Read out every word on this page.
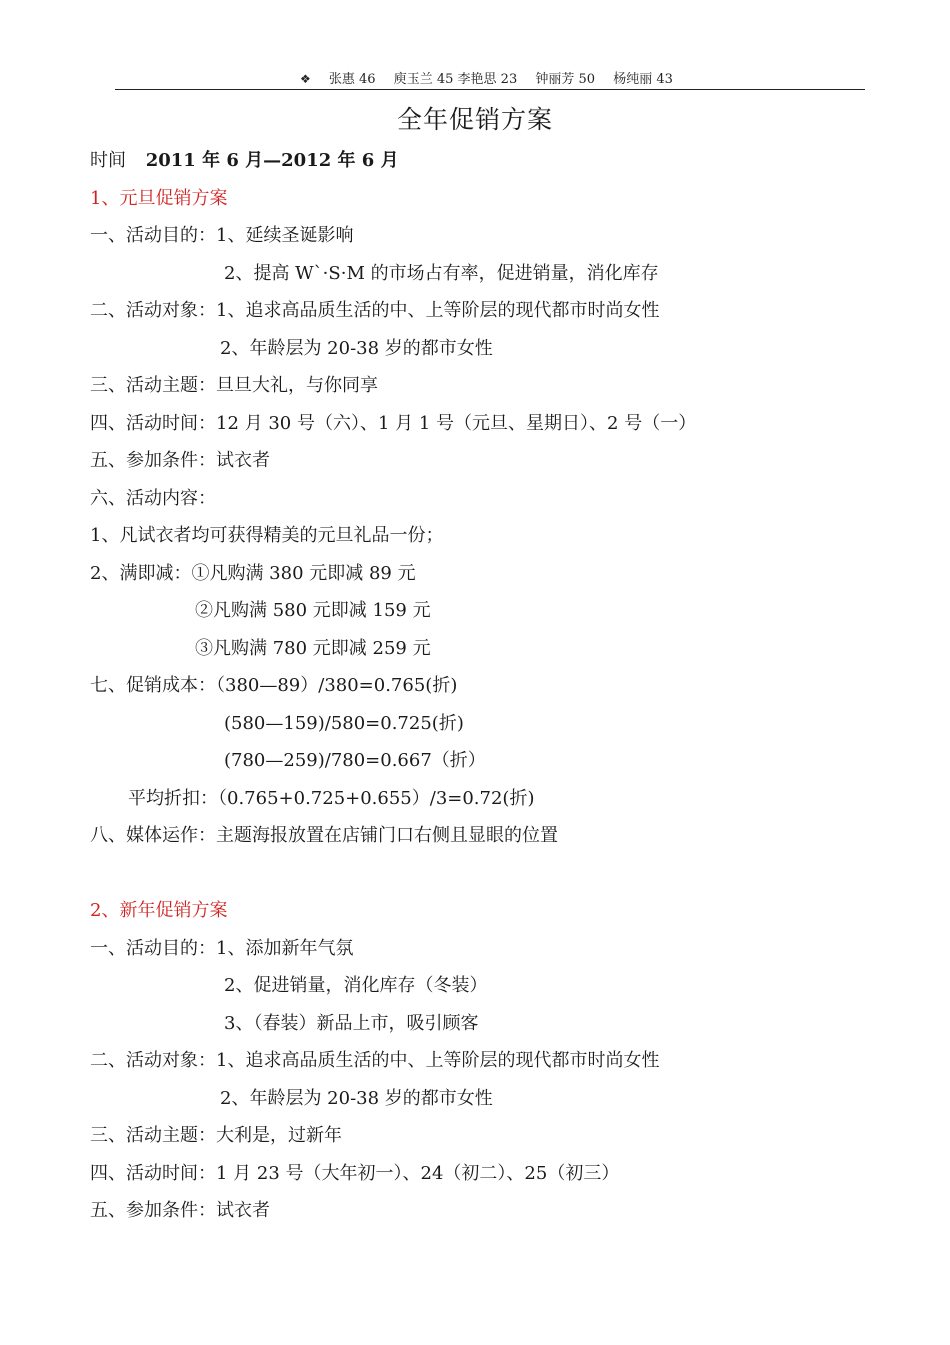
❖ 张惠 46 庾玉兰 45 李艳思 23 钟丽芳 50 杨纯丽 43
全年促销方案
时间 2011 年 6 月—2012 年 6 月
1、元旦促销方案
一、活动目的：1、延续圣诞影响
2、提高 W`·S·M 的市场占有率，促进销量，消化库存
二、活动对象：1、追求高品质生活的中、上等阶层的现代都市时尚女性
2、年龄层为 20-38 岁的都市女性
三、活动主题：旦旦大礼，与你同享
四、活动时间：12 月 30 号（六）、1 月 1 号（元旦、星期日）、2 号（一）
五、参加条件：试衣者
六、活动内容：
1、凡试衣者均可获得精美的元旦礼品一份；
2、满即减：①凡购满 380 元即减 89 元
②凡购满 580 元即减 159 元
③凡购满 780 元即减 259 元
七、促销成本：（380—89）/380=0.765(折)
(580—159)/580=0.725(折)
(780—259)/780=0.667（折）
平均折扣：（0.765+0.725+0.655）/3=0.72(折)
八、媒体运作：主题海报放置在店铺门口右侧且显眼的位置
2、新年促销方案
一、活动目的：1、添加新年气氛
2、促进销量，消化库存（冬装）
3、（春装）新品上市，吸引顾客
二、活动对象：1、追求高品质生活的中、上等阶层的现代都市时尚女性
2、年龄层为 20-38 岁的都市女性
三、活动主题：大利是，过新年
四、活动时间：1 月 23 号（大年初一）、24（初二）、25（初三）
五、参加条件：试衣者
